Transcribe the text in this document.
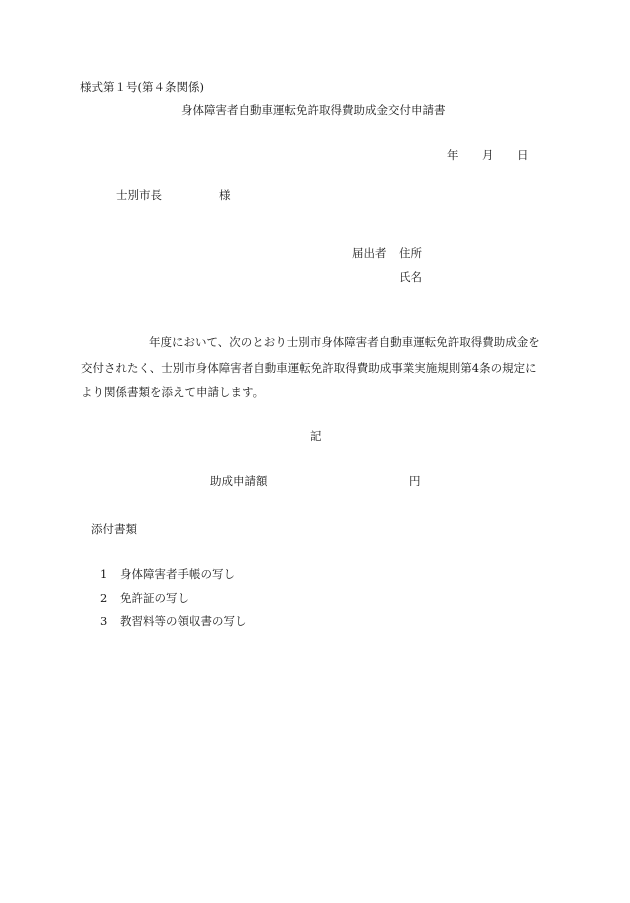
様式第１号(第４条関係)
身体障害者自動車運転免許取得費助成金交付申請書
年 月 日
士別市長	様
届出者 住所
氏名
年度において、次のとおり士別市身体障害者自動車運転免許取得費助成金を
交付されたく、士別市身体障害者自動車運転免許取得費助成事業実施規則第4条の規定に
より関係書類を添えて申請します。
記
助成申請額	円
添付書類
1 身体障害者手帳の写し
2 免許証の写し
3 教習料等の領収書の写し
